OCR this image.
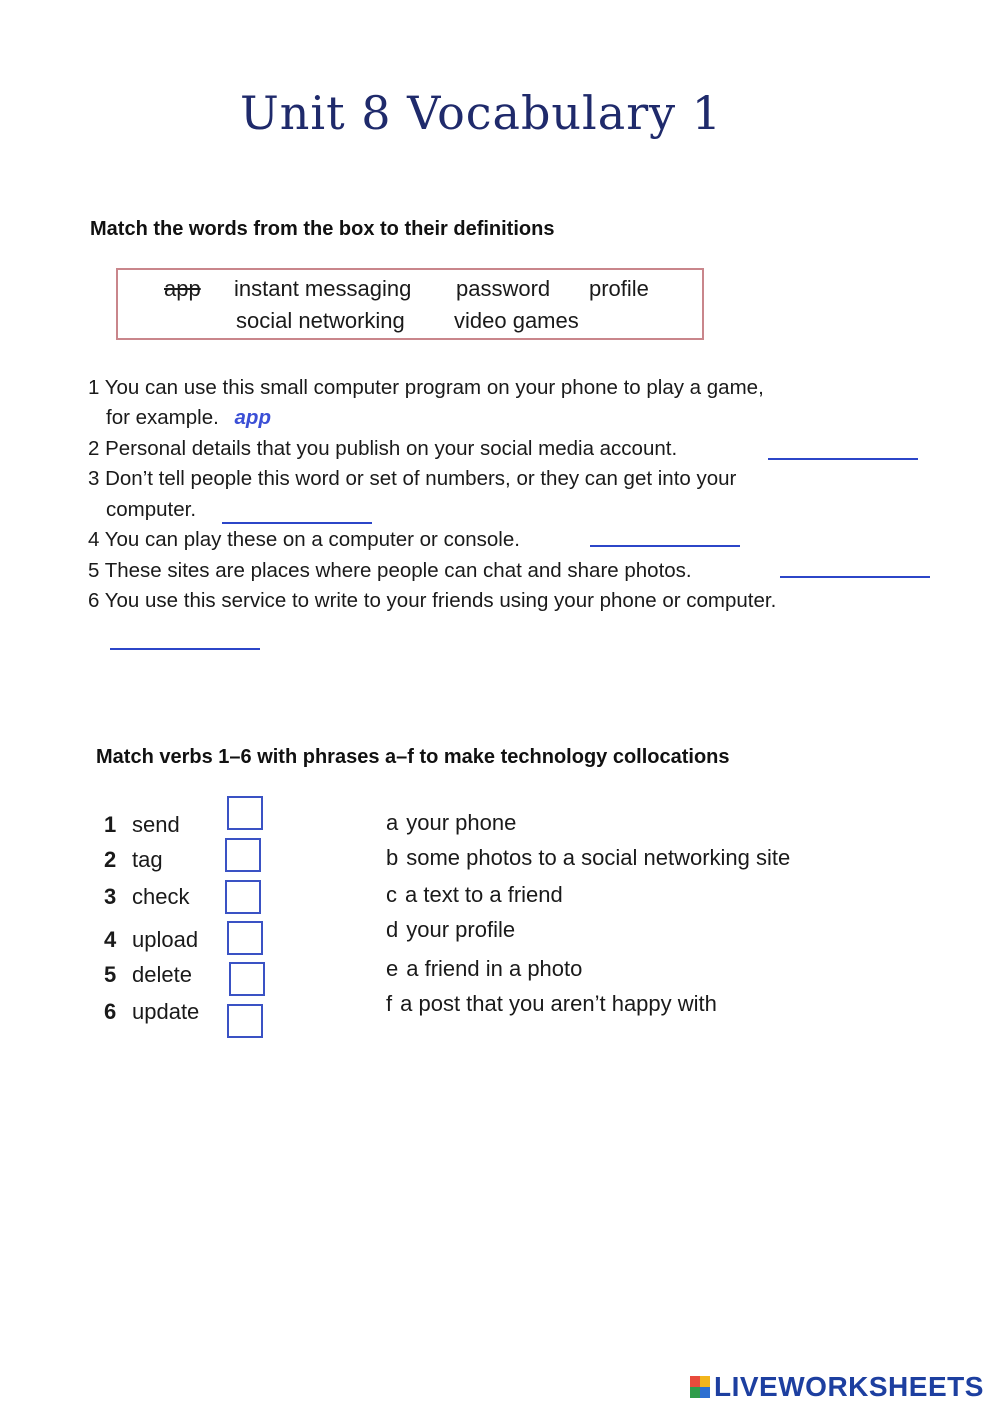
Unit 8 Vocabulary 1
Match the words from the box to their definitions
app instant messaging password profile
social networking video games
1 You can use this small computer program on your phone to play a game,
for example. app
2 Personal details that you publish on your social media account.
3 Don’t tell people this word or set of numbers, or they can get into your
computer.
4 You can play these on a computer or console.
5 These sites are places where people can chat and share photos.
6 You use this service to write to your friends using your phone or computer.
Match verbs 1–6 with phrases a–f to make technology collocations
1 send
2 tag
3 check
4 upload
5 delete
6 update
a your phone
b some photos to a social networking site
c a text to a friend
d your profile
e a friend in a photo
f a post that you aren’t happy with
LIVEWORKSHEETS
